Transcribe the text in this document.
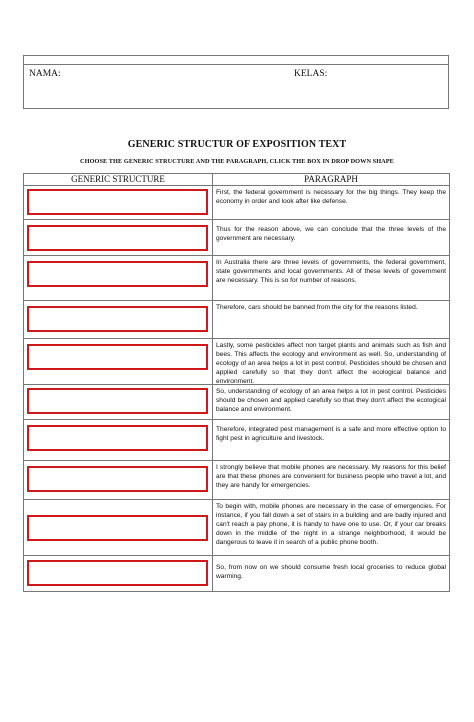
NAMA:	KELAS:
GENERIC STRUCTUR OF EXPOSITION TEXT
CHOOSE THE GENERIC STRUCTURE AND THE PARAGRAPH, CLICK THE BOX IN DROP DOWN SHAPE
GENERIC STRUCTURE	PARAGRAPH
First, the federal government is necessary for the big things. They keep the economy in order and look after like defense.
Thus for the reason above, we can conclude that the three levels of the government are necessary.
In Australia there are three levels of governments, the federal government, state governments and local governments. All of these levels of government are necessary. This is so for number of reasons.
Therefore, cars should be banned from the city for the reasons listed.
Lastly, some pesticides affect non target plants and animals such as fish and bees. This affects the ecology and environment as well. So, understanding of ecology of an area helps a lot in pest control. Pesticides should be chosen and applied carefully so that they don't affect the ecological balance and environment.
So, understanding of ecology of an area helps a lot in pest control. Pesticides should be chosen and applied carefully so that they don't affect the ecological balance and environment.
Therefore, integrated pest management is a safe and more effective option to fight pest in agriculture and livestock.
I strongly believe that mobile phones are necessary. My reasons for this belief are that these phones are convenient for business people who travel a lot, and they are handy for emergencies.
To begin with, mobile phones are necessary in the case of emergencies. For instance, if you fall down a set of stairs in a building and are badly injured and can't reach a pay phone, it is handy to have one to use. Or, if your car breaks down in the middle of the night in a strange neighborhood, it would be dangerous to leave it in search of a public phone booth.
So, from now on we should consume fresh local groceries to reduce global warming.
